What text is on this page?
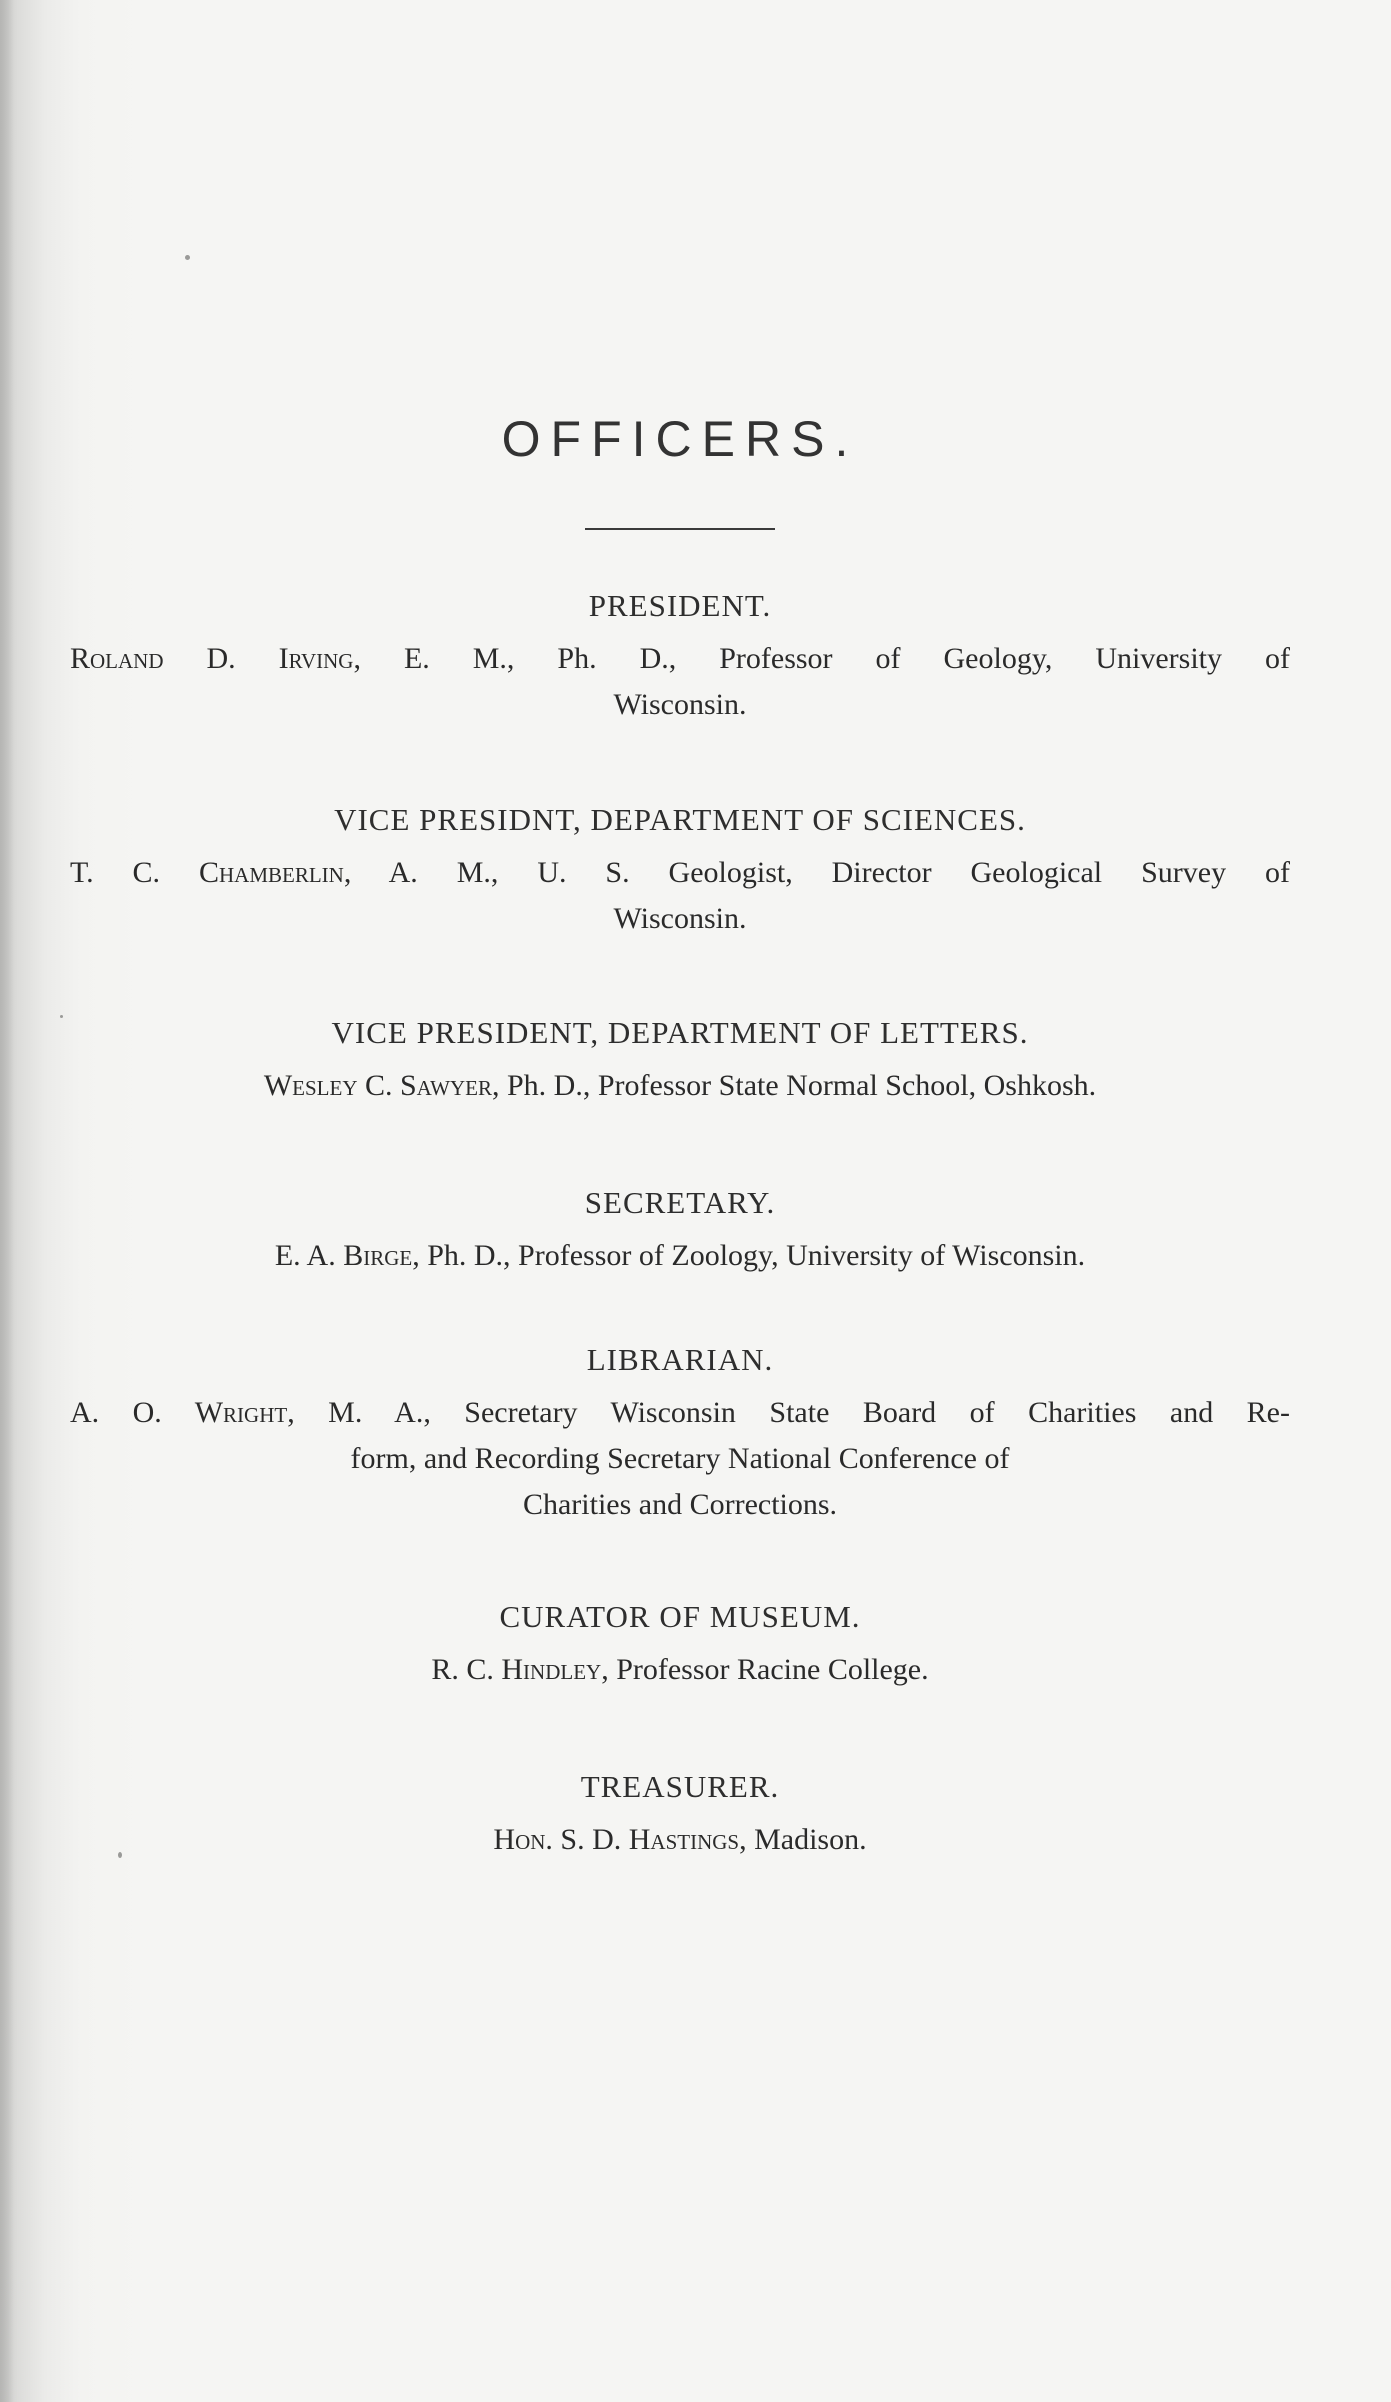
OFFICERS.

PRESIDENT.

Roland D. Irving, E. M., Ph. D., Professor of Geology, University of
Wisconsin.

VICE PRESIDNT, DEPARTMENT OF SCIENCES.

T. C. Chamberlin, A. M., U. S. Geologist, Director Geological Survey of
Wisconsin.

VICE PRESIDENT, DEPARTMENT OF LETTERS.

Wesley C. Sawyer, Ph. D., Professor State Normal School, Oshkosh.

SECRETARY.

E. A. Birge, Ph. D., Professor of Zoology, University of Wisconsin.

LIBRARIAN.

A. O. Wright, M. A., Secretary Wisconsin State Board of Charities and Re-
form, and Recording Secretary National Conference of
Charities and Corrections.

CURATOR OF MUSEUM.

R. C. Hindley, Professor Racine College.

TREASURER.

Hon. S. D. Hastings, Madison.
